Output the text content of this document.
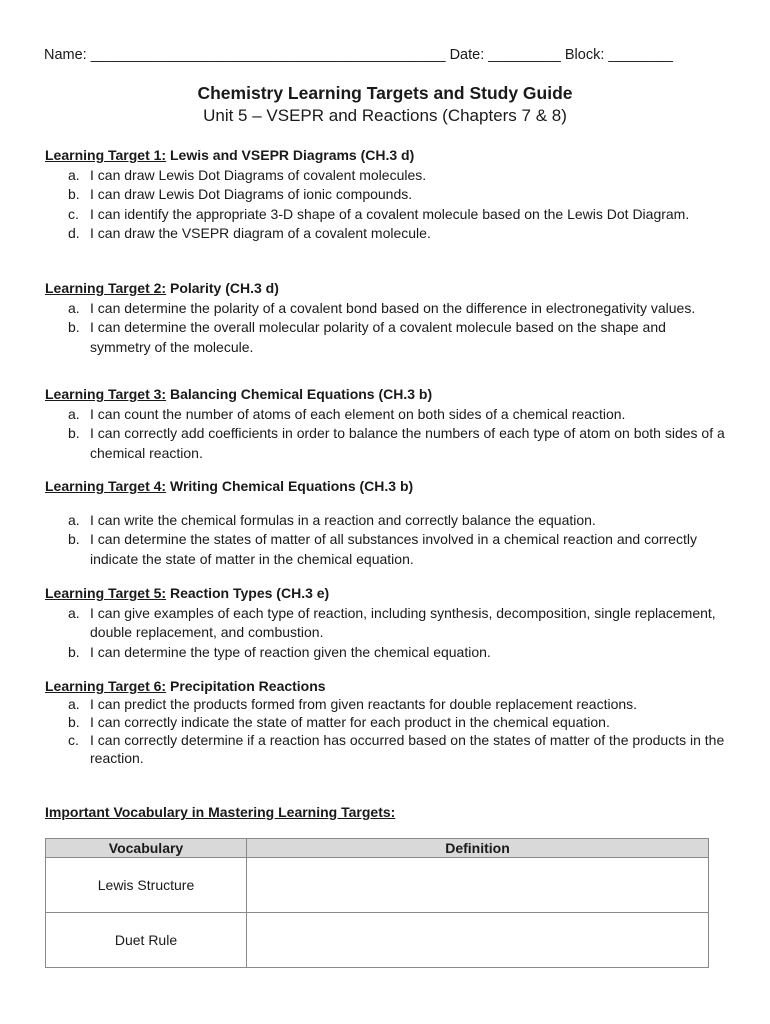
Name: ____________________________________________ Date: _________ Block: ________
Chemistry Learning Targets and Study Guide
Unit 5 – VSEPR and Reactions (Chapters 7 & 8)
Learning Target 1: Lewis and VSEPR Diagrams (CH.3 d)
a. I can draw Lewis Dot Diagrams of covalent molecules.
b. I can draw Lewis Dot Diagrams of ionic compounds.
c. I can identify the appropriate 3-D shape of a covalent molecule based on the Lewis Dot Diagram.
d. I can draw the VSEPR diagram of a covalent molecule.
Learning Target 2: Polarity (CH.3 d)
a. I can determine the polarity of a covalent bond based on the difference in electronegativity values.
b. I can determine the overall molecular polarity of a covalent molecule based on the shape and symmetry of the molecule.
Learning Target 3: Balancing Chemical Equations (CH.3 b)
a. I can count the number of atoms of each element on both sides of a chemical reaction.
b. I can correctly add coefficients in order to balance the numbers of each type of atom on both sides of a chemical reaction.
Learning Target 4: Writing Chemical Equations (CH.3 b)
a. I can write the chemical formulas in a reaction and correctly balance the equation.
b. I can determine the states of matter of all substances involved in a chemical reaction and correctly indicate the state of matter in the chemical equation.
Learning Target 5: Reaction Types (CH.3 e)
a. I can give examples of each type of reaction, including synthesis, decomposition, single replacement, double replacement, and combustion.
b. I can determine the type of reaction given the chemical equation.
Learning Target 6: Precipitation Reactions
a. I can predict the products formed from given reactants for double replacement reactions.
b. I can correctly indicate the state of matter for each product in the chemical equation.
c. I can correctly determine if a reaction has occurred based on the states of matter of the products in the reaction.
Important Vocabulary in Mastering Learning Targets:
Vocabulary	Definition
Lewis Structure	
Duet Rule	
